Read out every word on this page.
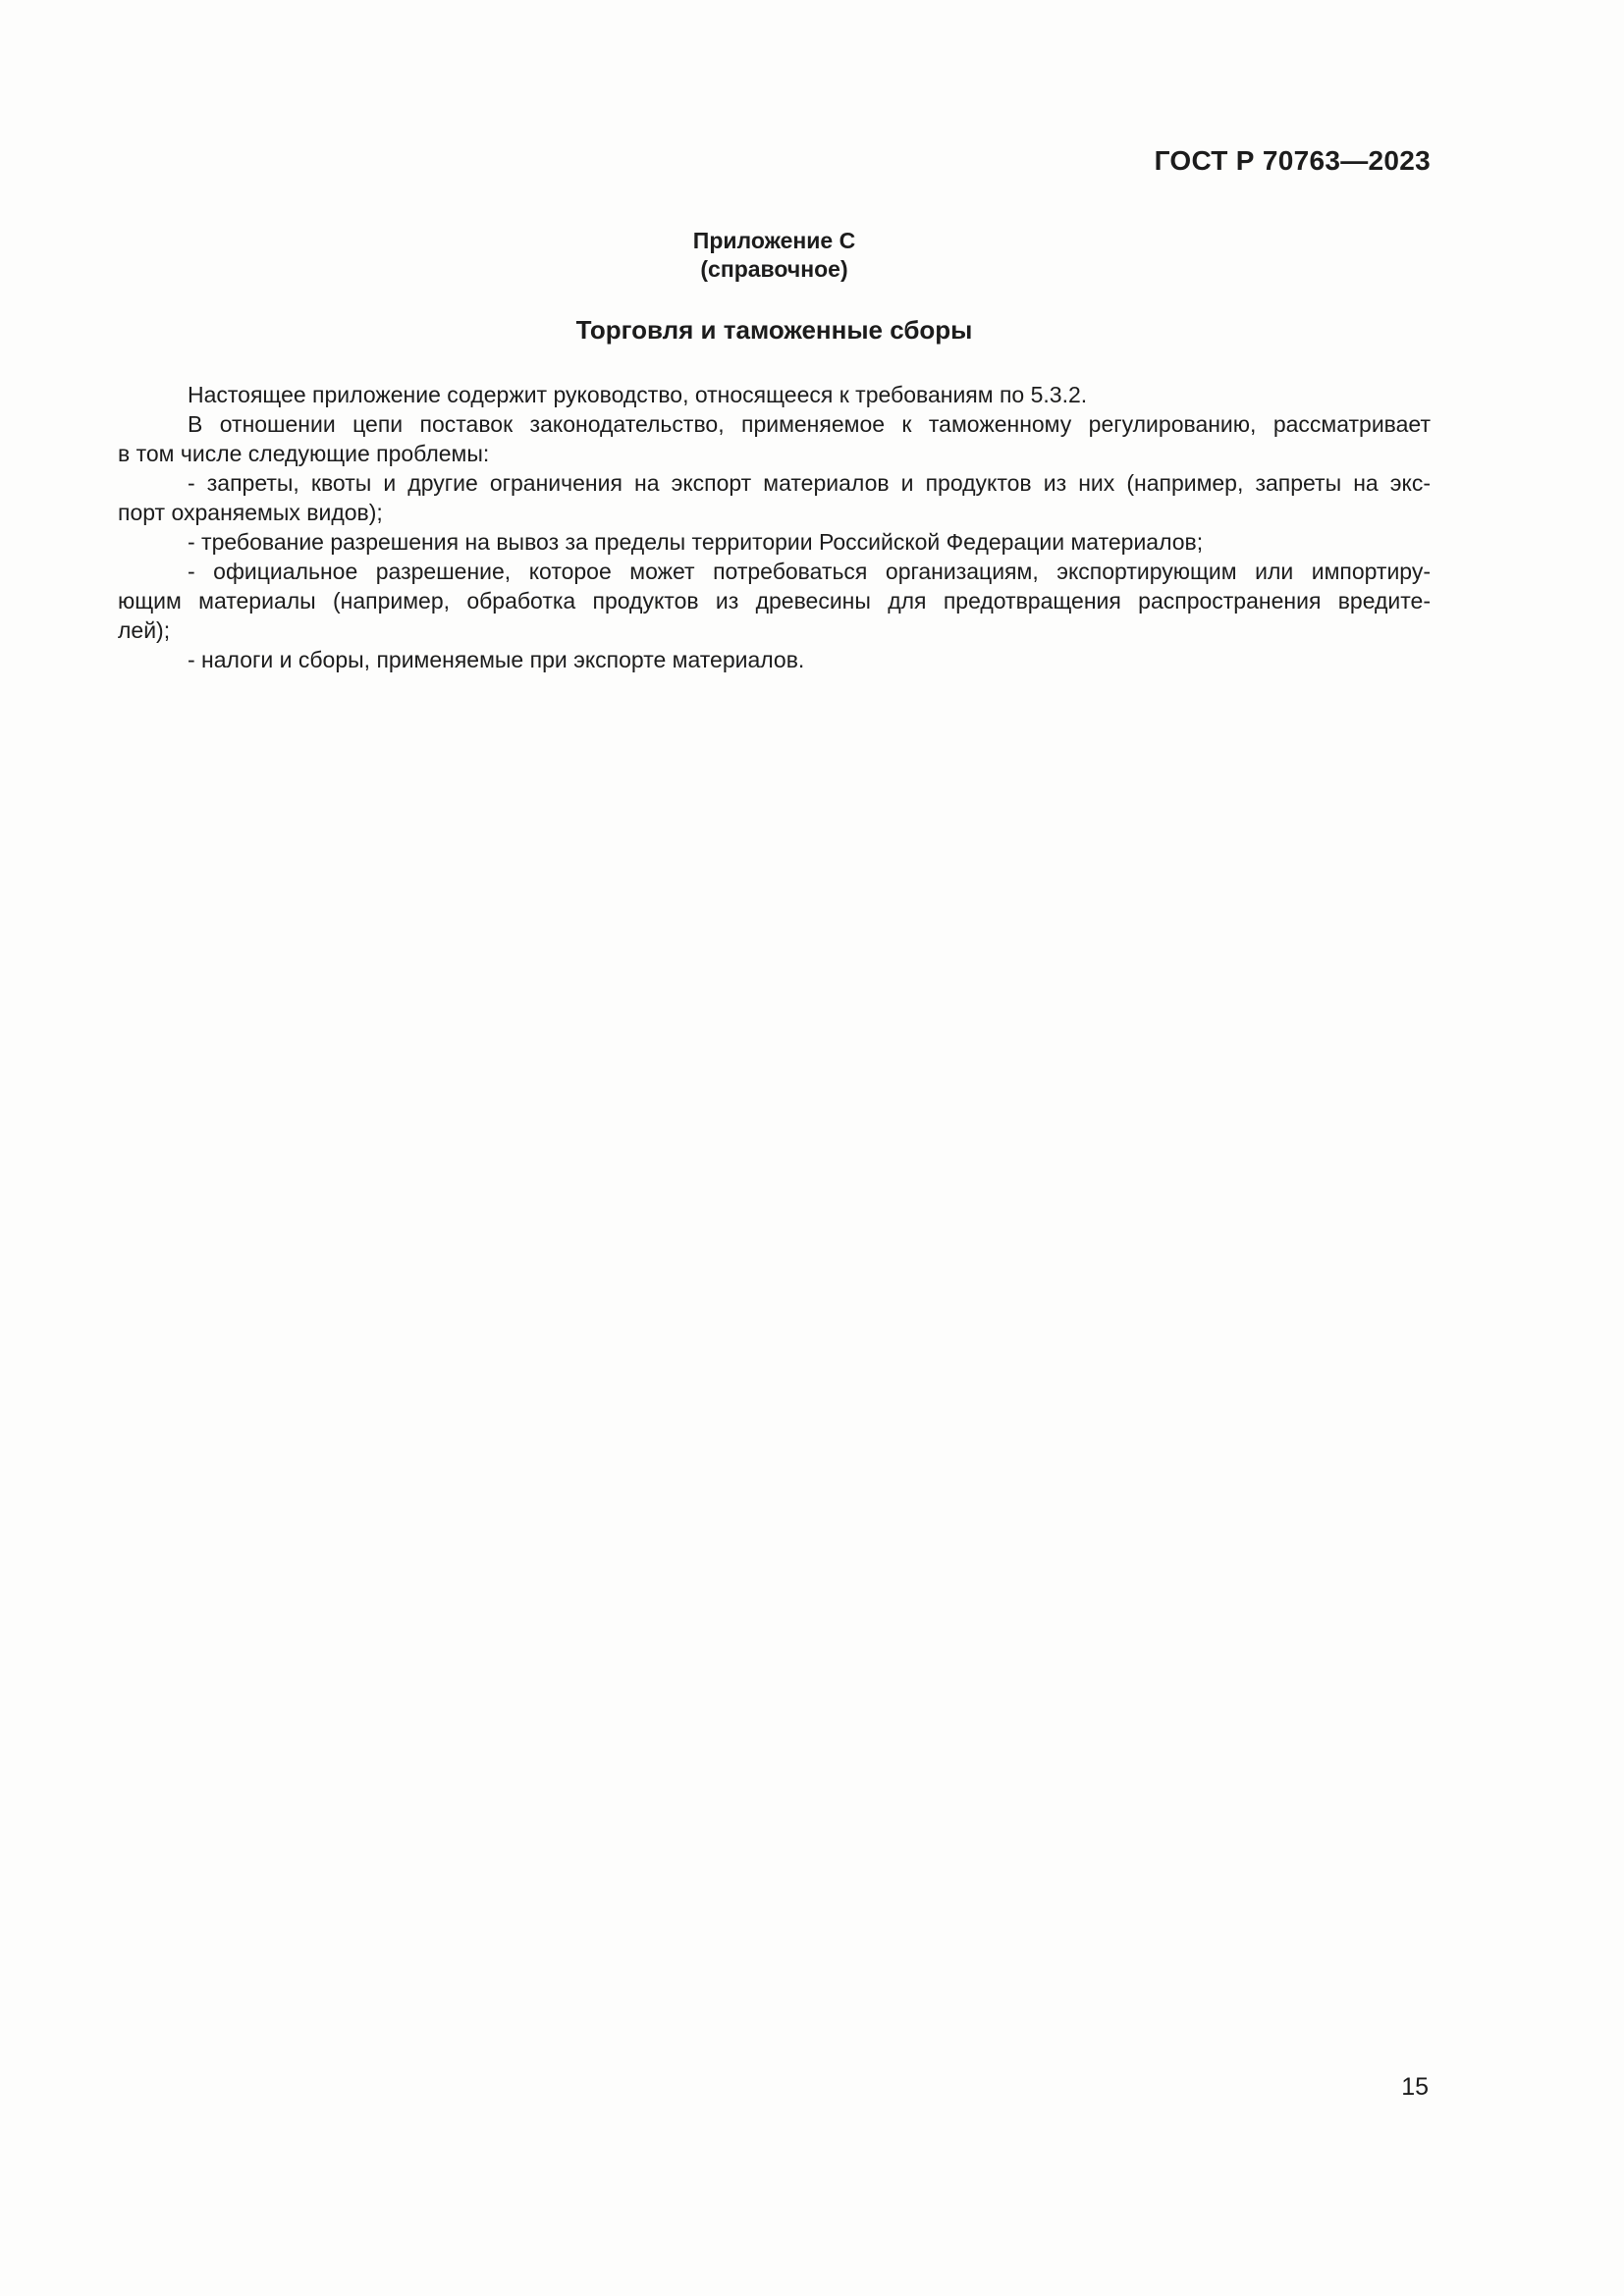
ГОСТ Р 70763—2023
Приложение С
(справочное)
Торговля и таможенные сборы

Настоящее приложение содержит руководство, относящееся к требованиям по 5.3.2.

В отношении цепи поставок законодательство, применяемое к таможенному регулированию, рассматривает
в том числе следующие проблемы:

- запреты, квоты и другие ограничения на экспорт материалов и продуктов из них (например, запреты на экс-
порт охраняемых видов);

- требование разрешения на вывоз за пределы территории Российской Федерации материалов;

- официальное разрешение, которое может потребоваться организациям, экспортирующим или импортиру-
ющим материалы (например, обработка продуктов из древесины для предотвращения распространения вредите-
лей);

- налоги и сборы, применяемые при экспорте материалов.

15
